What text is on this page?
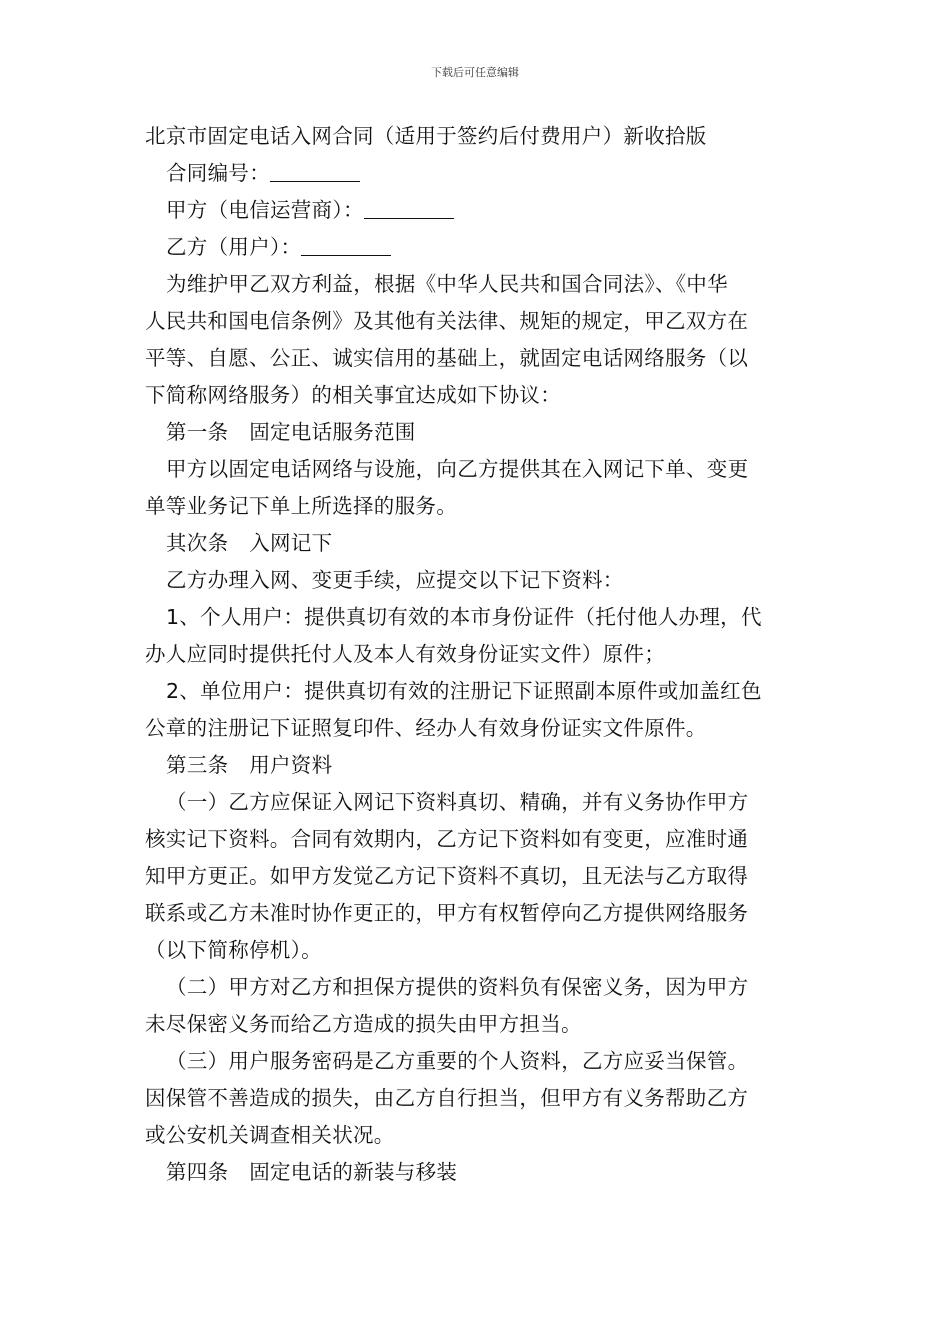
下载后可任意编辑
北京市固定电话入网合同（适用于签约后付费用户）新收拾版
合同编号：
甲方（电信运营商）：
乙方（用户）：
为维护甲乙双方利益，根据《中华人民共和国合同法》、《中华
人民共和国电信条例》及其他有关法律、规矩的规定，甲乙双方在
平等、自愿、公正、诚实信用的基础上，就固定电话网络服务（以
下简称网络服务）的相关事宜达成如下协议：
第一条　固定电话服务范围
甲方以固定电话网络与设施，向乙方提供其在入网记下单、变更
单等业务记下单上所选择的服务。
其次条　入网记下
乙方办理入网、变更手续，应提交以下记下资料：
1、个人用户：提供真切有效的本市身份证件（托付他人办理，代
办人应同时提供托付人及本人有效身份证实文件）原件；
2、单位用户：提供真切有效的注册记下证照副本原件或加盖红色
公章的注册记下证照复印件、经办人有效身份证实文件原件。
第三条　用户资料
（一）乙方应保证入网记下资料真切、精确，并有义务协作甲方
核实记下资料。合同有效期内，乙方记下资料如有变更，应准时通
知甲方更正。如甲方发觉乙方记下资料不真切，且无法与乙方取得
联系或乙方未准时协作更正的，甲方有权暂停向乙方提供网络服务
（以下简称停机）。
（二）甲方对乙方和担保方提供的资料负有保密义务，因为甲方
未尽保密义务而给乙方造成的损失由甲方担当。
（三）用户服务密码是乙方重要的个人资料，乙方应妥当保管。
因保管不善造成的损失，由乙方自行担当，但甲方有义务帮助乙方
或公安机关调查相关状况。
第四条　固定电话的新装与移装
